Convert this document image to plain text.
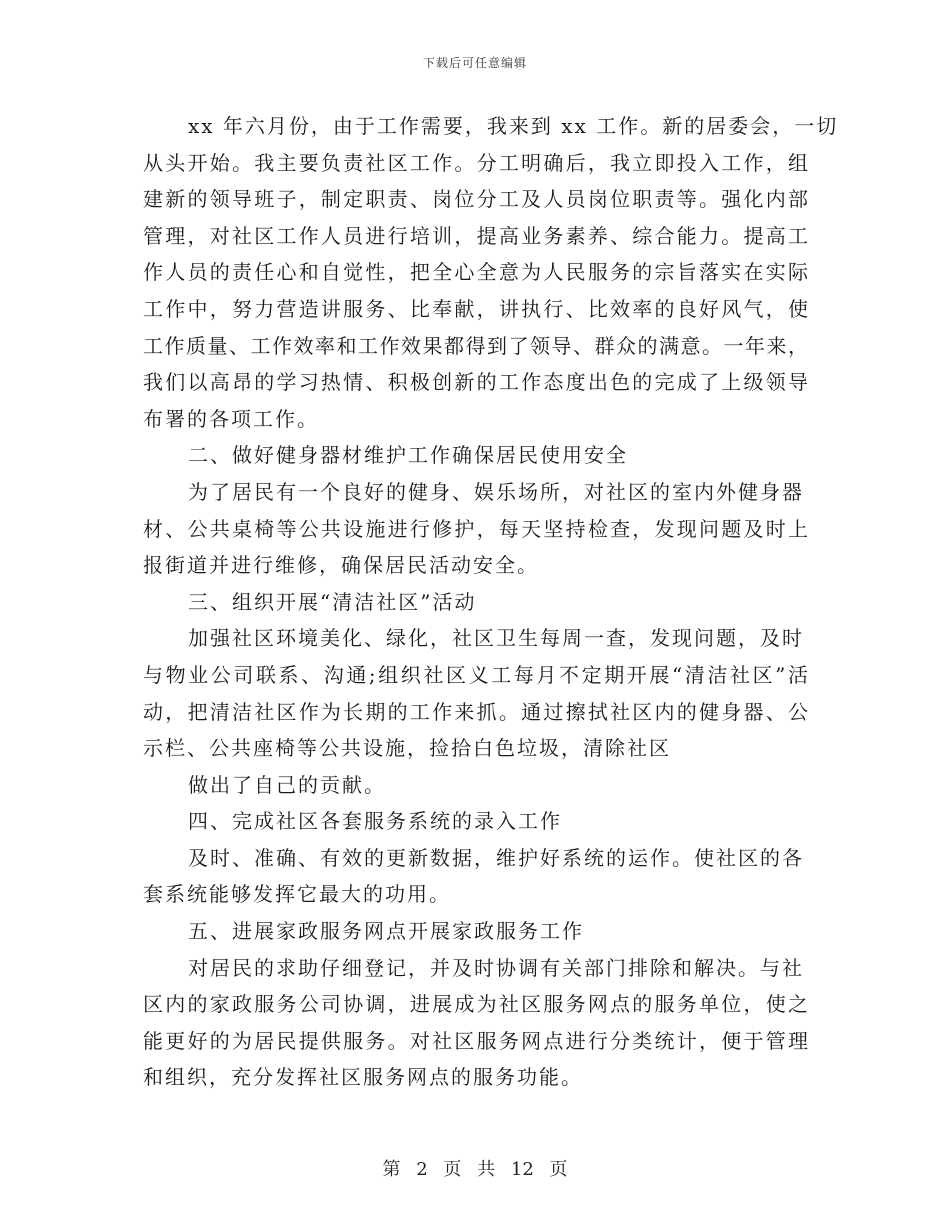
下载后可任意编辑
xx 年六月份，由于工作需要，我来到 xx 工作。新的居委会，一切
从头开始。我主要负责社区工作。分工明确后，我立即投入工作，组
建新的领导班子，制定职责、岗位分工及人员岗位职责等。强化内部
管理，对社区工作人员进行培训，提高业务素养、综合能力。提高工
作人员的责任心和自觉性，把全心全意为人民服务的宗旨落实在实际
工作中，努力营造讲服务、比奉献，讲执行、比效率的良好风气，使
工作质量、工作效率和工作效果都得到了领导、群众的满意。一年来，
我们以高昂的学习热情、积极创新的工作态度出色的完成了上级领导
布署的各项工作。
二、做好健身器材维护工作确保居民使用安全
为了居民有一个良好的健身、娱乐场所，对社区的室内外健身器
材、公共桌椅等公共设施进行修护，每天坚持检查，发现问题及时上
报街道并进行维修，确保居民活动安全。
三、组织开展“清洁社区”活动
加强社区环境美化、绿化，社区卫生每周一查，发现问题，及时
与物业公司联系、沟通;组织社区义工每月不定期开展“清洁社区”活
动，把清洁社区作为长期的工作来抓。通过擦拭社区内的健身器、公
示栏、公共座椅等公共设施，捡拾白色垃圾，清除社区
做出了自己的贡献。
四、完成社区各套服务系统的录入工作
及时、准确、有效的更新数据，维护好系统的运作。使社区的各
套系统能够发挥它最大的功用。
五、进展家政服务网点开展家政服务工作
对居民的求助仔细登记，并及时协调有关部门排除和解决。与社
区内的家政服务公司协调，进展成为社区服务网点的服务单位，使之
能更好的为居民提供服务。对社区服务网点进行分类统计，便于管理
和组织，充分发挥社区服务网点的服务功能。
第 2 页 共 12 页
